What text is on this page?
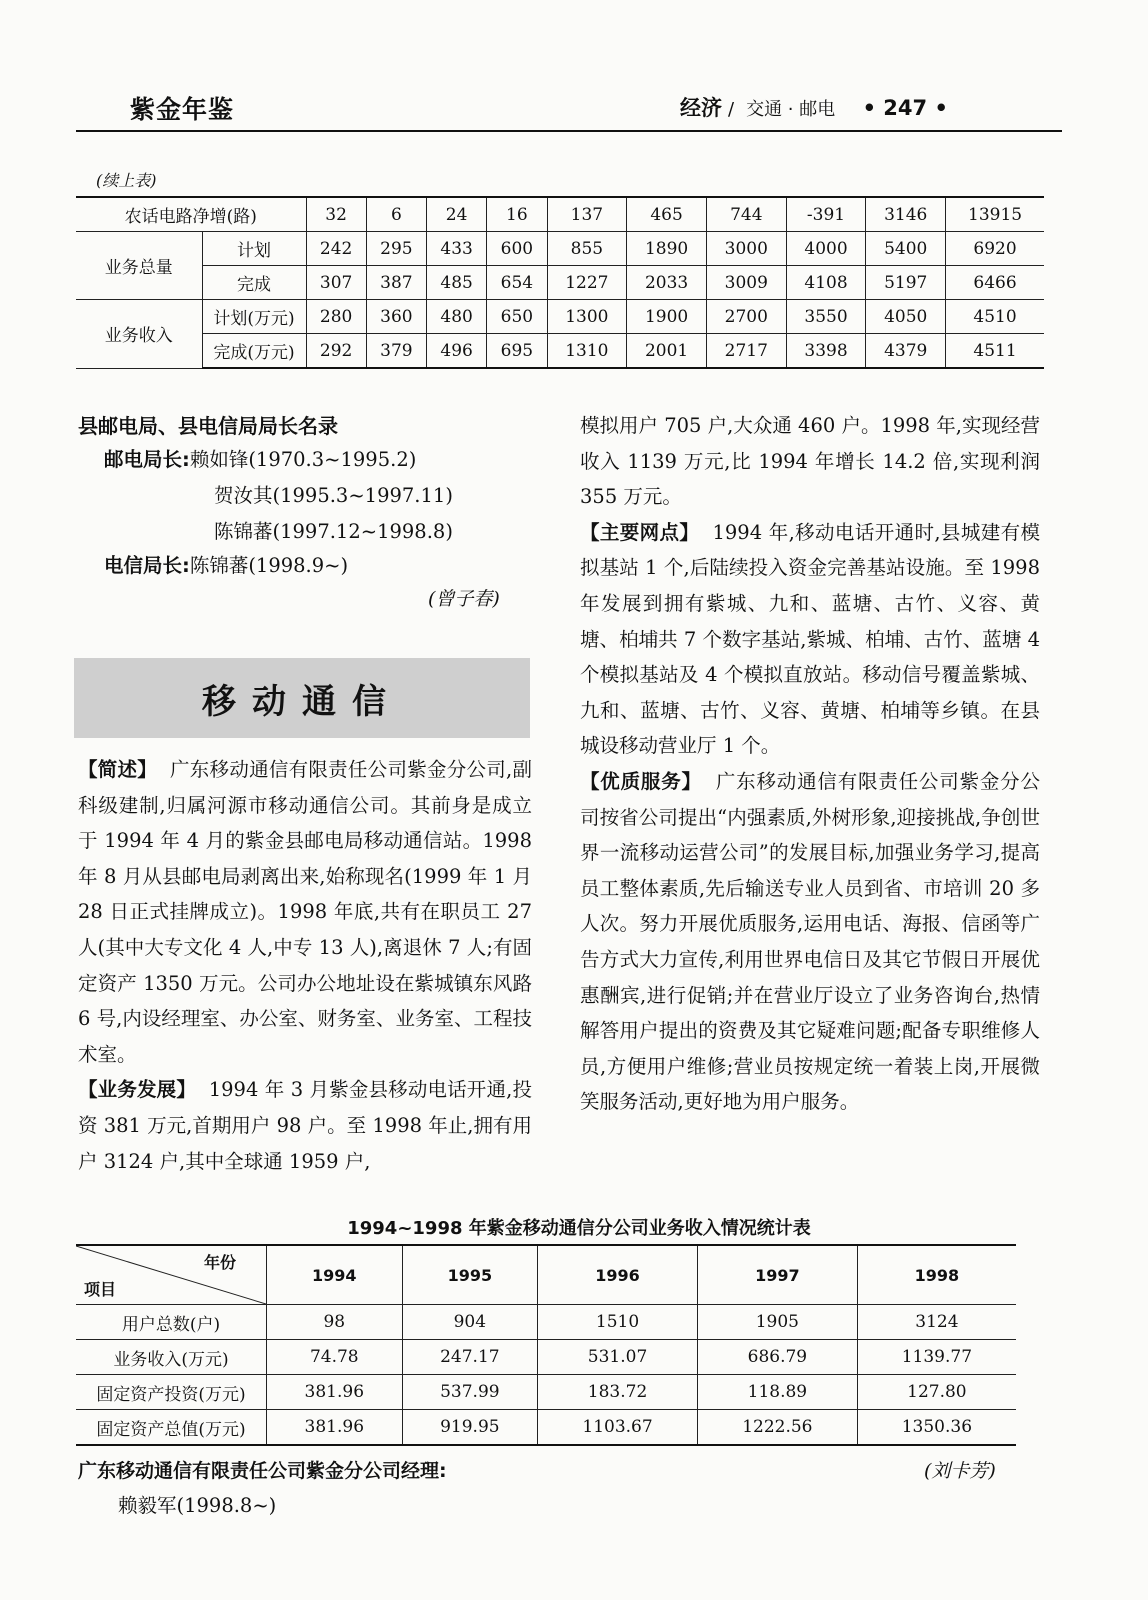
紫金年鉴	经济 / 交通 · 邮电 • 247 •
(续上表)
农话电路净增(路)		32	6	24	16	137	465	744	-391	3146	13915
业务总量	计划	242	295	433	600	855	1890	3000	4000	5400	6920
	完成	307	387	485	654	1227	2033	3009	4108	5197	6466
业务收入	计划(万元)	280	360	480	650	1300	1900	2700	3550	4050	4510
	完成(万元)	292	379	496	695	1310	2001	2717	3398	4379	4511
县邮电局、县电信局局长名录
邮电局长:赖如锋(1970.3~1995.2)
贺汝其(1995.3~1997.11)
陈锦蕃(1997.12~1998.8)
电信局长:陈锦蕃(1998.9~)
(曾子春)
移动通信

【简述】 广东移动通信有限责任公司紫金分公司,副科级建制,归属河源市移动通信公司。其前身是成立于 1994 年 4 月的紫金县邮电局移动通信站。1998 年 8 月从县邮电局剥离出来,始称现名(1999 年 1 月 28 日正式挂牌成立)。1998 年底,共有在职员工 27 人(其中大专文化 4 人,中专 13 人),离退休 7 人;有固定资产 1350 万元。公司办公地址设在紫城镇东风路 6 号,内设经理室、办公室、财务室、业务室、工程技术室。

【业务发展】 1994 年 3 月紫金县移动电话开通,投资 381 万元,首期用户 98 户。至 1998 年止,拥有用户 3124 户,其中全球通 1959 户,

模拟用户 705 户,大众通 460 户。1998 年,实现经营收入 1139 万元,比 1994 年增长 14.2 倍,实现利润 355 万元。

【主要网点】 1994 年,移动电话开通时,县城建有模拟基站 1 个,后陆续投入资金完善基站设施。至 1998 年发展到拥有紫城、九和、蓝塘、古竹、义容、黄塘、柏埔共 7 个数字基站,紫城、柏埔、古竹、蓝塘 4 个模拟基站及 4 个模拟直放站。移动信号覆盖紫城、九和、蓝塘、古竹、义容、黄塘、柏埔等乡镇。在县城设移动营业厅 1 个。

【优质服务】 广东移动通信有限责任公司紫金分公司按省公司提出“内强素质,外树形象,迎接挑战,争创世界一流移动运营公司”的发展目标,加强业务学习,提高员工整体素质,先后输送专业人员到省、市培训 20 多人次。努力开展优质服务,运用电话、海报、信函等广告方式大力宣传,利用世界电信日及其它节假日开展优惠酬宾,进行促销;并在营业厅设立了业务咨询台,热情解答用户提出的资费及其它疑难问题;配备专职维修人员,方便用户维修;营业员按规定统一着装上岗,开展微笑服务活动,更好地为用户服务。

1994~1998 年紫金移动通信分公司业务收入情况统计表
年份
项目	1994	1995	1996	1997	1998
用户总数(户)	98	904	1510	1905	3124
业务收入(万元)	74.78	247.17	531.07	686.79	1139.77
固定资产投资(万元)	381.96	537.99	183.72	118.89	127.80
固定资产总值(万元)	381.96	919.95	1103.67	1222.56	1350.36
广东移动通信有限责任公司紫金分公司经理:
赖毅军(1998.8~)
(刘卡芳)
